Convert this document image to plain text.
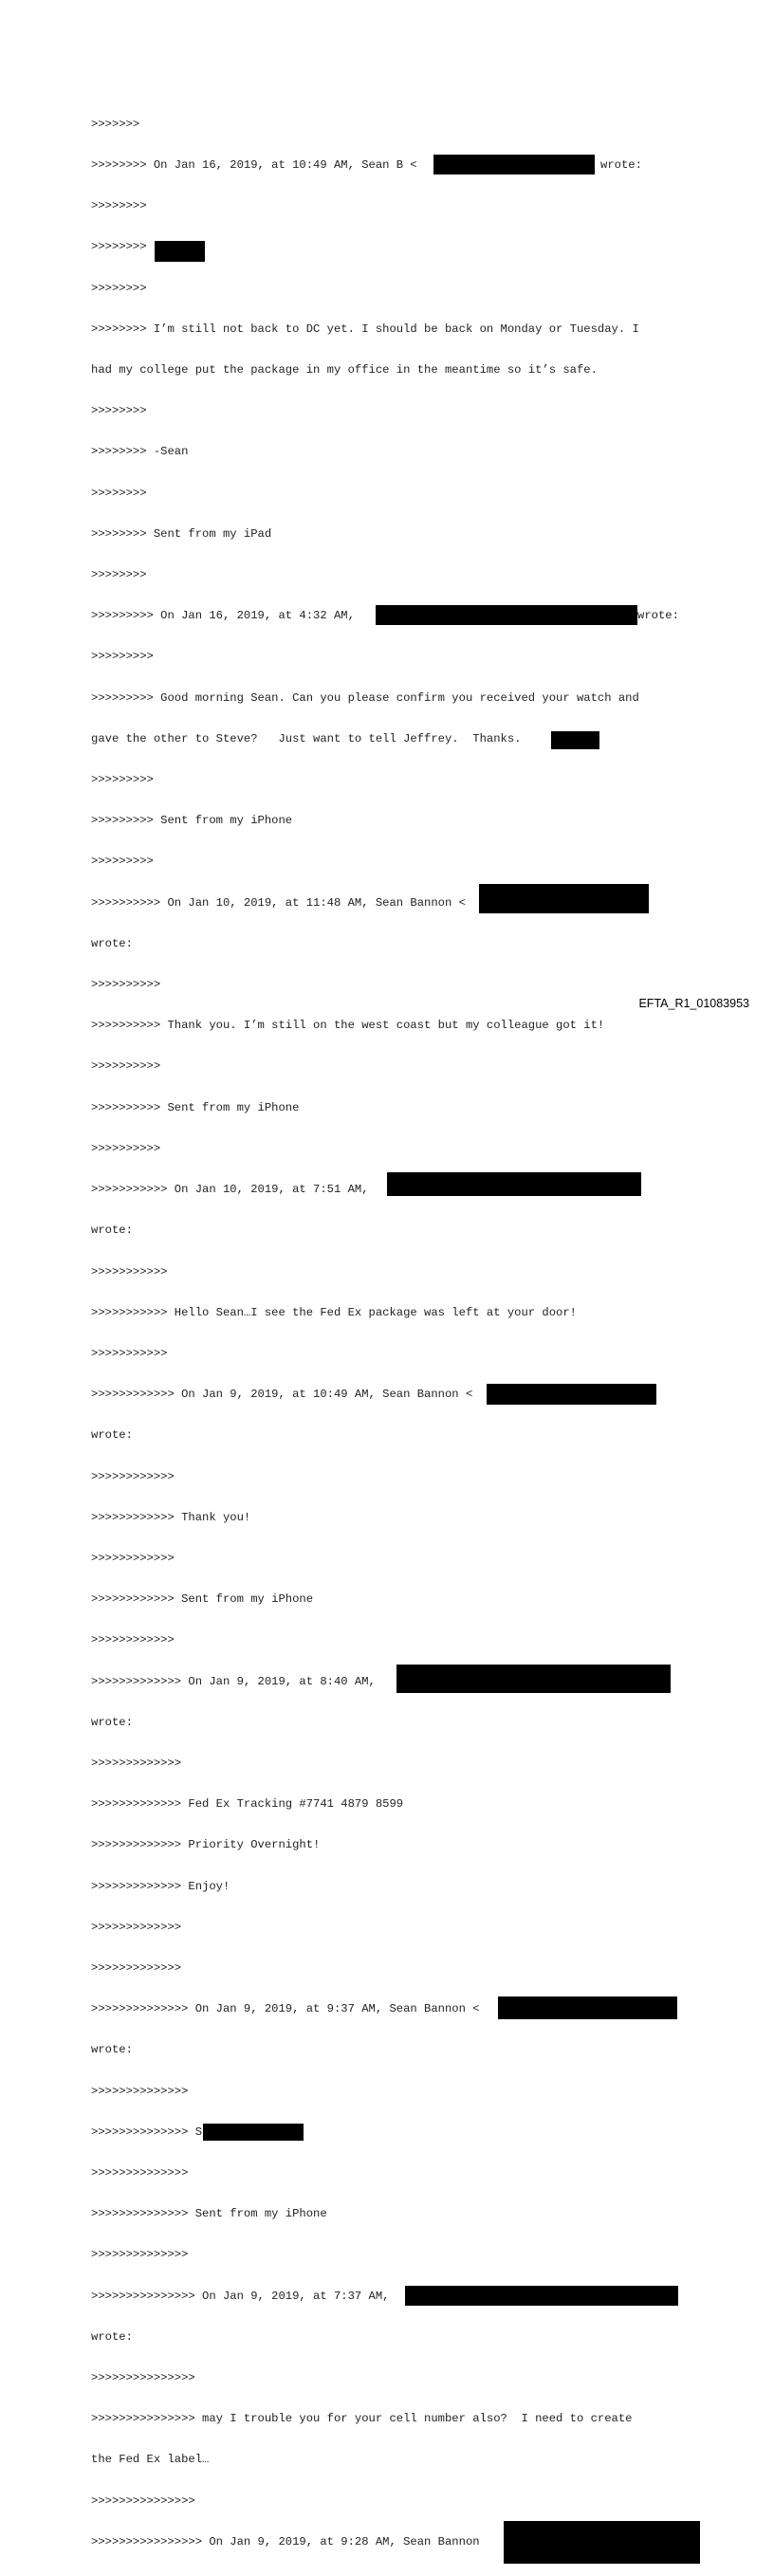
>>>>>>>

>>>>>>>> On Jan 16, 2019, at 10:49 AM, Sean B <	wrote:

>>>>>>>>

>>>>>>>>

>>>>>>>>

>>>>>>>> I’m still not back to DC yet. I should be back on Monday or Tuesday. I

had my college put the package in my office in the meantime so it’s safe.

>>>>>>>>

>>>>>>>> -Sean

>>>>>>>>

>>>>>>>> Sent from my iPad

>>>>>>>>

>>>>>>>>> On Jan 16, 2019, at 4:32 AM,	wrote:

>>>>>>>>>

>>>>>>>>> Good morning Sean. Can you please confirm you received your watch and

gave the other to Steve?   Just want to tell Jeffrey.  Thanks.

>>>>>>>>>

>>>>>>>>> Sent from my iPhone

>>>>>>>>>

>>>>>>>>>> On Jan 10, 2019, at 11:48 AM, Sean Bannon <

wrote:

>>>>>>>>>>

>>>>>>>>>> Thank you. I’m still on the west coast but my colleague got it!

>>>>>>>>>>

>>>>>>>>>> Sent from my iPhone

>>>>>>>>>>

>>>>>>>>>>> On Jan 10, 2019, at 7:51 AM,

wrote:

>>>>>>>>>>>

>>>>>>>>>>> Hello Sean…I see the Fed Ex package was left at your door!

>>>>>>>>>>>

>>>>>>>>>>>> On Jan 9, 2019, at 10:49 AM, Sean Bannon <

wrote:

>>>>>>>>>>>>

>>>>>>>>>>>> Thank you!

>>>>>>>>>>>>

>>>>>>>>>>>> Sent from my iPhone

>>>>>>>>>>>>

>>>>>>>>>>>>> On Jan 9, 2019, at 8:40 AM,

wrote:

>>>>>>>>>>>>>

>>>>>>>>>>>>> Fed Ex Tracking #7741 4879 8599

>>>>>>>>>>>>> Priority Overnight!

>>>>>>>>>>>>> Enjoy!

>>>>>>>>>>>>>

>>>>>>>>>>>>>

>>>>>>>>>>>>>> On Jan 9, 2019, at 9:37 AM, Sean Bannon <

wrote:

>>>>>>>>>>>>>>

>>>>>>>>>>>>>> S

>>>>>>>>>>>>>>

>>>>>>>>>>>>>> Sent from my iPhone

>>>>>>>>>>>>>>

>>>>>>>>>>>>>>> On Jan 9, 2019, at 7:37 AM,

wrote:

>>>>>>>>>>>>>>>

>>>>>>>>>>>>>>> may I trouble you for your cell number also?  I need to create

the Fed Ex label…

>>>>>>>>>>>>>>>

>>>>>>>>>>>>>>>> On Jan 9, 2019, at 9:28 AM, Sean Bannon

EFTA_R1_01083953
